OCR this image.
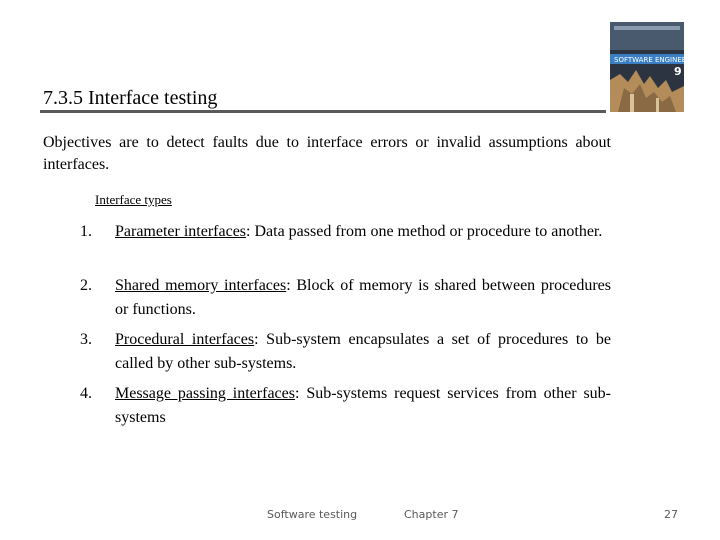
7.3.5 Interface testing
SOFTWARE ENGINEERING
9
Objectives are to detect faults due to interface errors or invalid assumptions about interfaces.
Interface types
1.	Parameter interfaces: Data passed from one method or procedure to another.
2.	Shared memory interfaces: Block of memory is shared between procedures or functions.
3.	Procedural interfaces: Sub-system encapsulates a set of procedures to be called by other sub-systems.
4.	Message passing interfaces: Sub-systems request services from other sub-systems
Software testing	Chapter 7	27
